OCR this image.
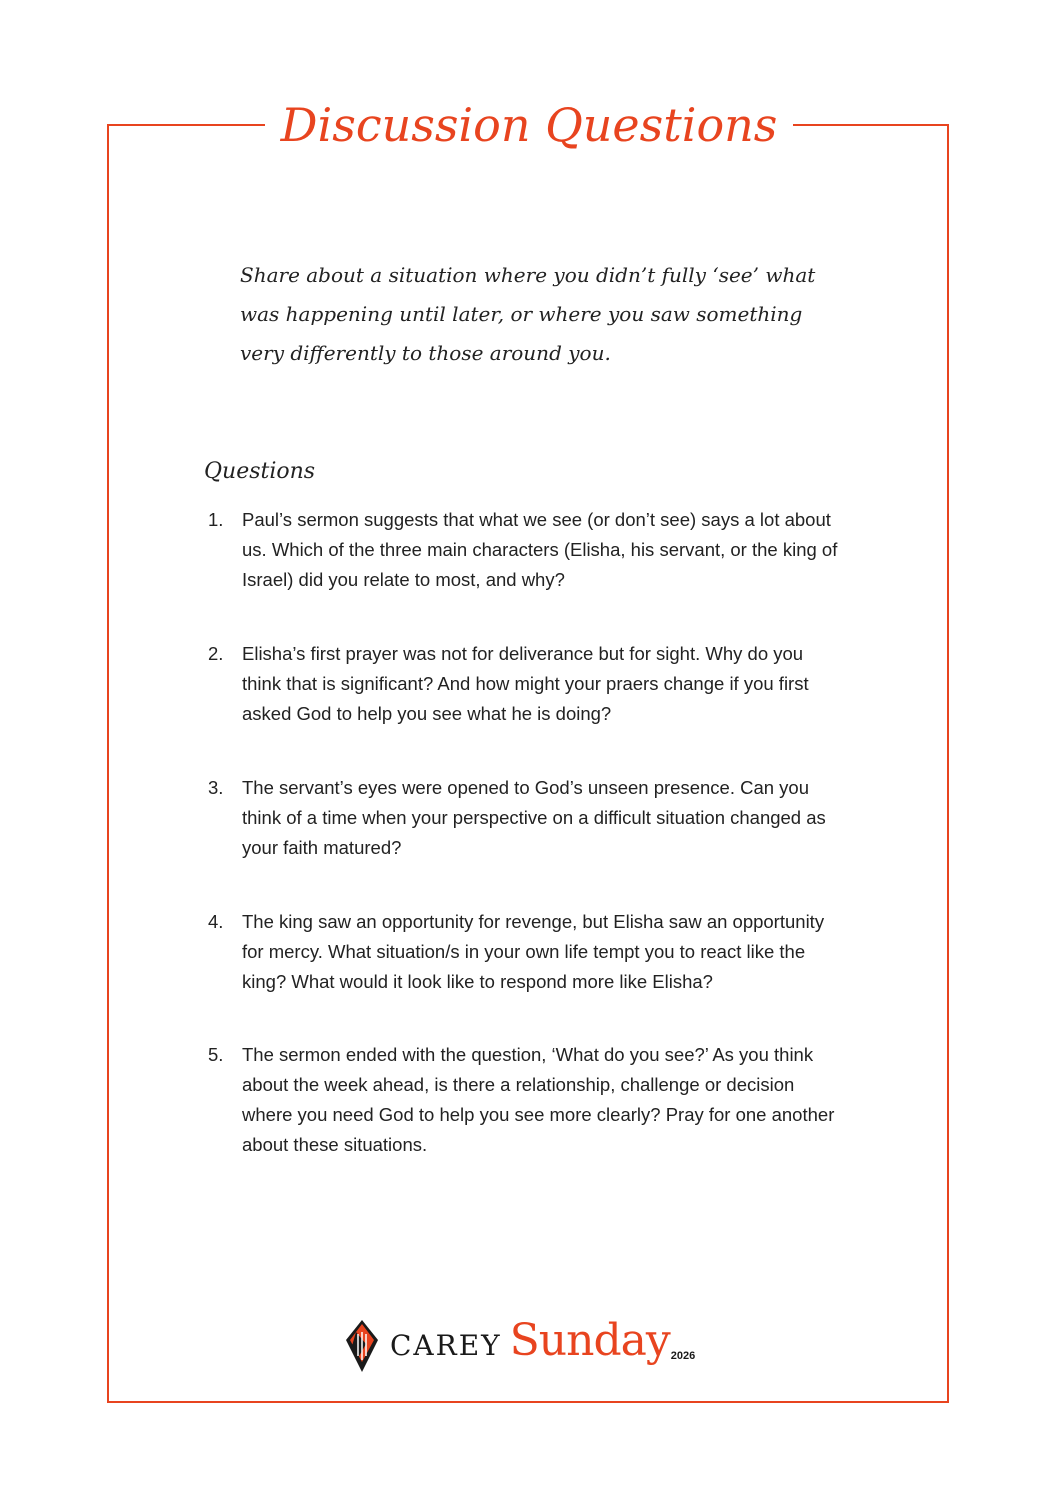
Discussion Questions

Share about a situation where you didn’t fully ‘see’ what was happening until later, or where you saw something very differently to those around you.

Questions
1. Paul’s sermon suggests that what we see (or don’t see) says a lot about us. Which of the three main characters (Elisha, his servant, or the king of Israel) did you relate to most, and why?
2. Elisha’s first prayer was not for deliverance but for sight. Why do you think that is significant? And how might your praers change if you first asked God to help you see what he is doing?
3. The servant’s eyes were opened to God’s unseen presence. Can you think of a time when your perspective on a difficult situation changed as your faith matured?
4. The king saw an opportunity for revenge, but Elisha saw an opportunity for mercy. What situation/s in your own life tempt you to react like the king? What would it look like to respond more like Elisha?
5. The sermon ended with the question, ‘What do you see?’ As you think about the week ahead, is there a relationship, challenge or decision where you need God to help you see more clearly? Pray for one another about these situations.
CAREY Sunday 2026
